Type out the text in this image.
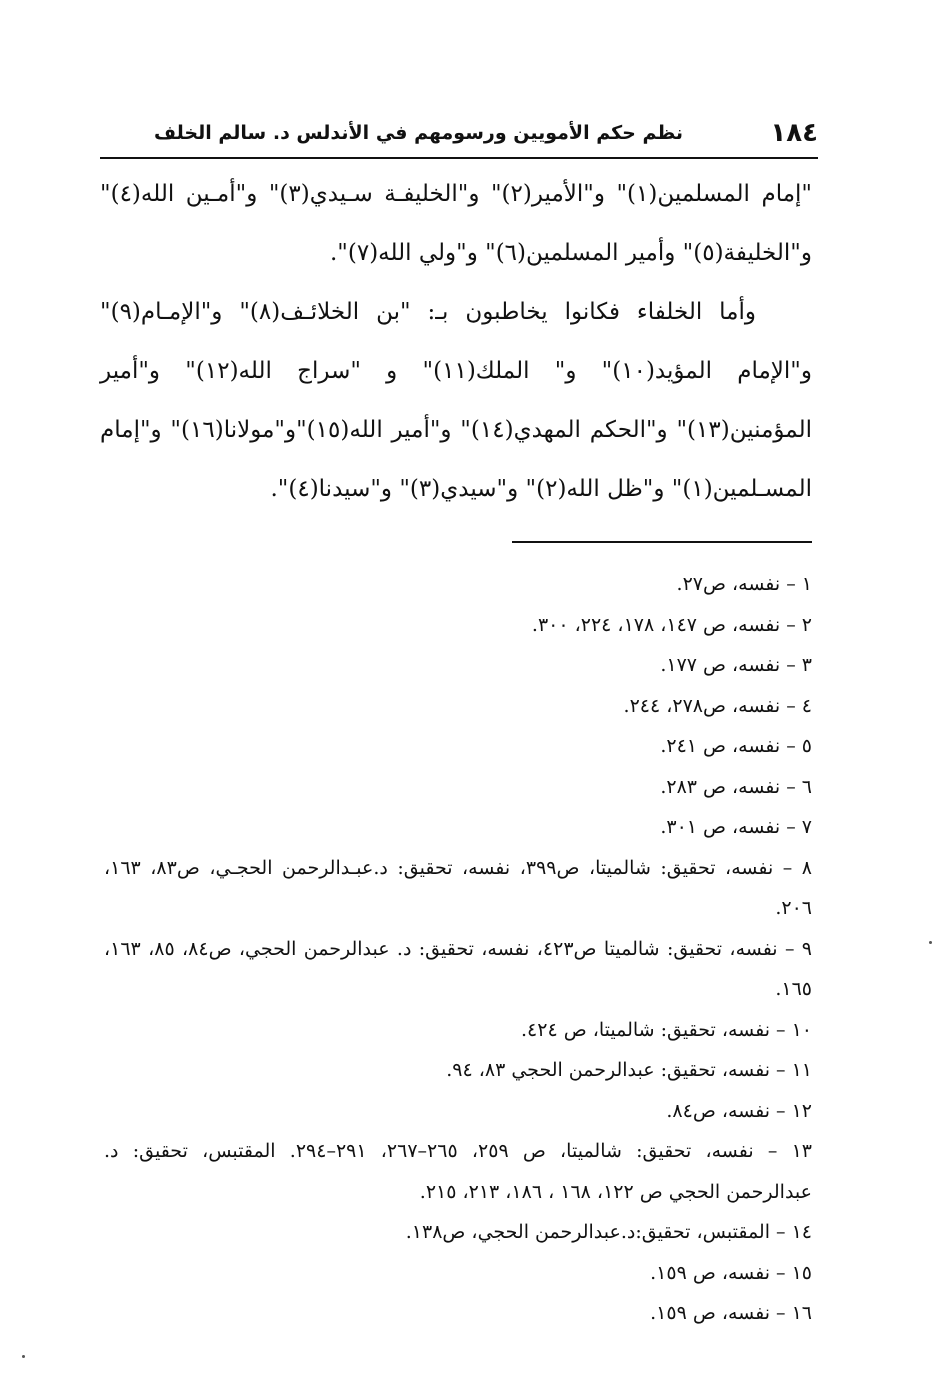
١٨٤
نظم حكم الأمويين ورسومهم في الأندلس د. سالم الخلف

"إمام المسلمين(١)" و"الأمير(٢)" و"الخليفـة سـيدي(٣)" و"أمـين الله(٤)" و"الخليفة(٥)" وأمير المسلمين(٦)" و"ولي الله(٧)".

وأما الخلفاء فكانوا يخاطبون بـ: "بن الخلائـف(٨)" و"الإمـام(٩)" و"الإمام المؤيد(١٠)" و" الملك(١١)" و "سراج الله(١٢)" و"أمير المؤمنين(١٣)" و"الحكم المهدي(١٤)" و"أمير الله(١٥)"و"مولانا(١٦)" و"إمام المسـلمين(١)" و"ظل الله(٢)" و"سيدي(٣)" و"سيدنا(٤)".

١ – نفسه، ص٢٧.
٢ – نفسه، ص ١٤٧، ١٧٨، ٢٢٤، ٣٠٠.
٣ – نفسه، ص ١٧٧.
٤ – نفسه، ص٢٧٨، ٢٤٤.
٥ – نفسه، ص ٢٤١.
٦ – نفسه، ص ٢٨٣.
٧ – نفسه، ص ٣٠١.
٨ – نفسه، تحقيق: شالميتا، ص٣٩٩، نفسه، تحقيق: د.عبـدالرحمن الحجـي، ص٨٣، ١٦٣، ٢٠٦.
٩ – نفسه، تحقيق: شالميتا ص٤٢٣، نفسه، تحقيق: د. عبدالرحمن الحجي، ص٨٤، ٨٥، ١٦٣، ١٦٥.
١٠ – نفسه، تحقيق: شالميتا، ص ٤٢٤.
١١ – نفسه، تحقيق: عبدالرحمن الحجي ٨٣، ٩٤.
١٢ – نفسه، ص٨٤.
١٣ – نفسه، تحقيق: شالميتا، ص ٢٥٩، ٢٦٥–٢٦٧، ٢٩١–٢٩٤. المقتبس، تحقيق: د. عبدالرحمن الحجي ص ١٢٢، ١٦٨ ، ١٨٦، ٢١٣، ٢١٥.
١٤ – المقتبس، تحقيق:د.عبدالرحمن الحجي، ص١٣٨.
١٥ – نفسه، ص ١٥٩.
١٦ – نفسه، ص ١٥٩.
